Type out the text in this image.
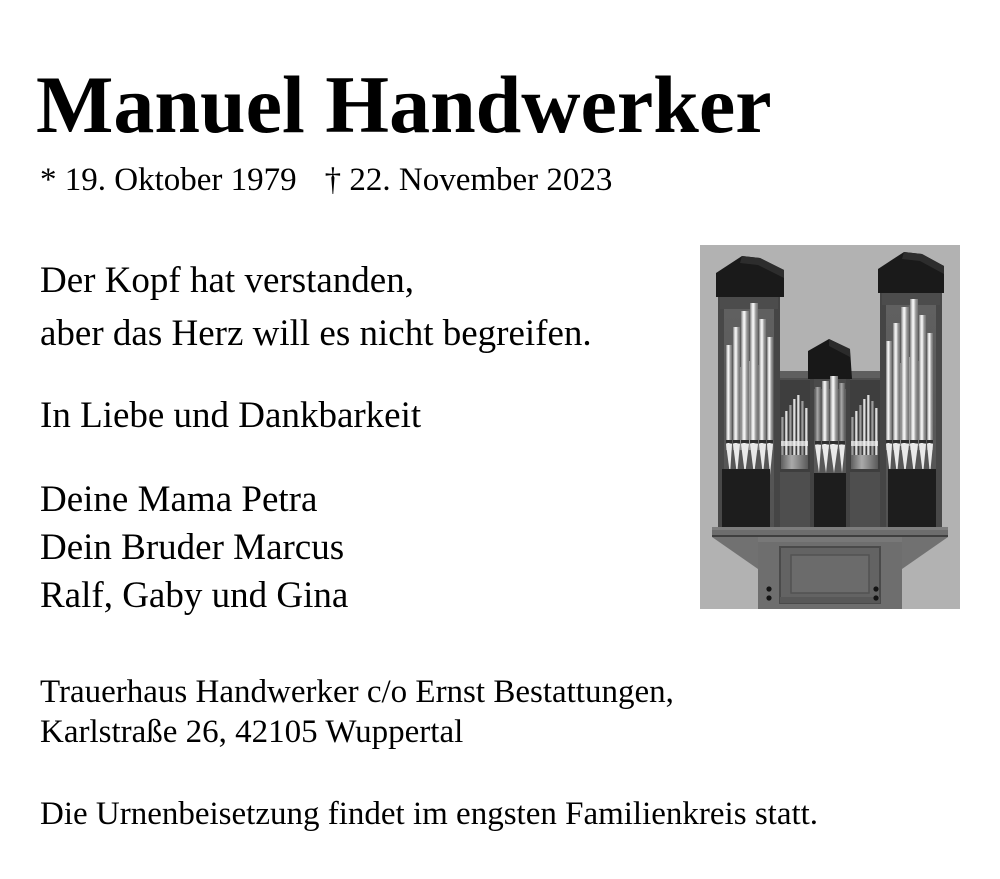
Manuel Handwerker
* 19. Oktober 1979 † 22. November 2023
Der Kopf hat verstanden,
aber das Herz will es nicht begreifen.
In Liebe und Dankbarkeit
Deine Mama Petra
Dein Bruder Marcus
Ralf, Gaby und Gina
Trauerhaus Handwerker c/o Ernst Bestattungen,
Karlstraße 26, 42105 Wuppertal
Die Urnenbeisetzung findet im engsten Familienkreis statt.
